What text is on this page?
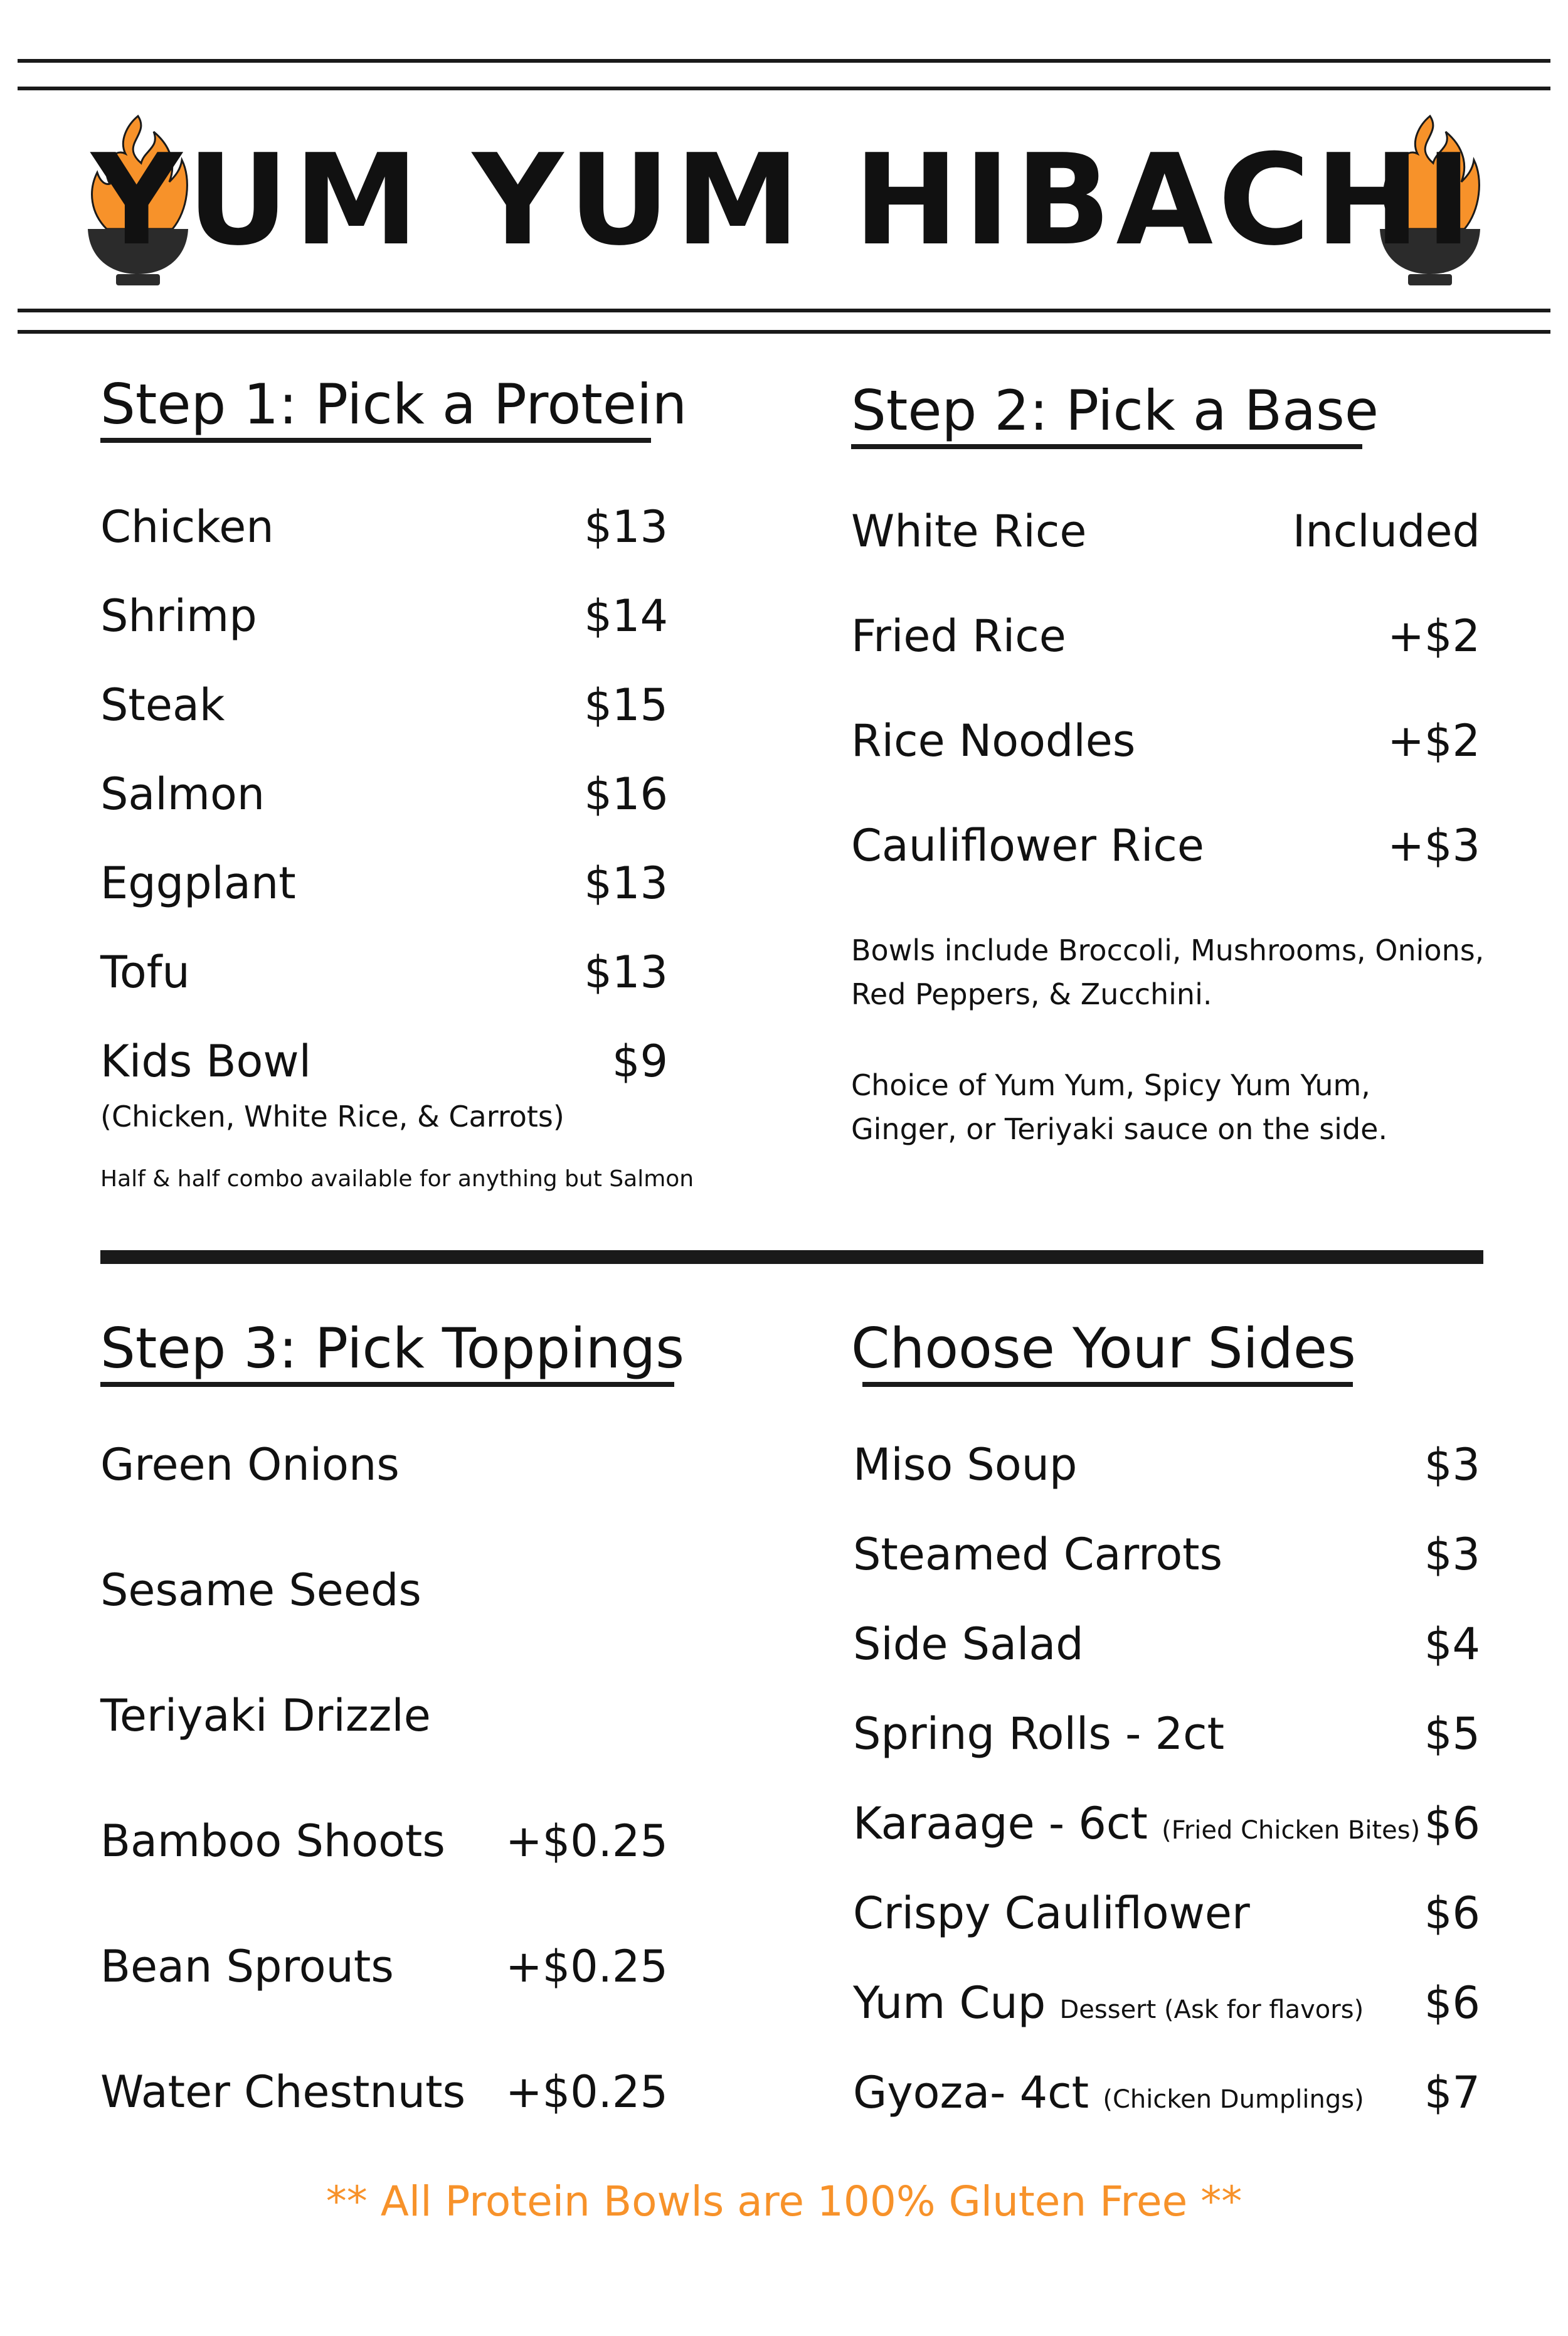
YUM YUM HIBACHI
Step 1: Pick a Protein
Chicken	$13
Shrimp	$14
Steak	$15
Salmon	$16
Eggplant	$13
Tofu	$13
Kids Bowl	$9
(Chicken, White Rice, & Carrots)
Half & half combo available for anything but Salmon
Step 2: Pick a Base
White Rice	Included
Fried Rice	+$2
Rice Noodles	+$2
Cauliflower Rice	+$3
Bowls include Broccoli, Mushrooms, Onions,
Red Peppers, & Zucchini.
Choice of Yum Yum, Spicy Yum Yum,
Ginger, or Teriyaki sauce on the side.
Step 3: Pick Toppings
Green Onions
Sesame Seeds
Teriyaki Drizzle
Bamboo Shoots +$0.25
Bean Sprouts	+$0.25
Water Chestnuts +$0.25
Choose Your Sides
Miso Soup	$3
Steamed Carrots	$3
Side Salad	$4
Spring Rolls - 2ct	$5
Karaage - 6ct (Fried Chicken Bites) $6
Crispy Cauliflower	$6
Yum Cup Dessert (Ask for flavors) $6
Gyoza- 4ct (Chicken Dumplings) $7
** All Protein Bowls are 100% Gluten Free **
